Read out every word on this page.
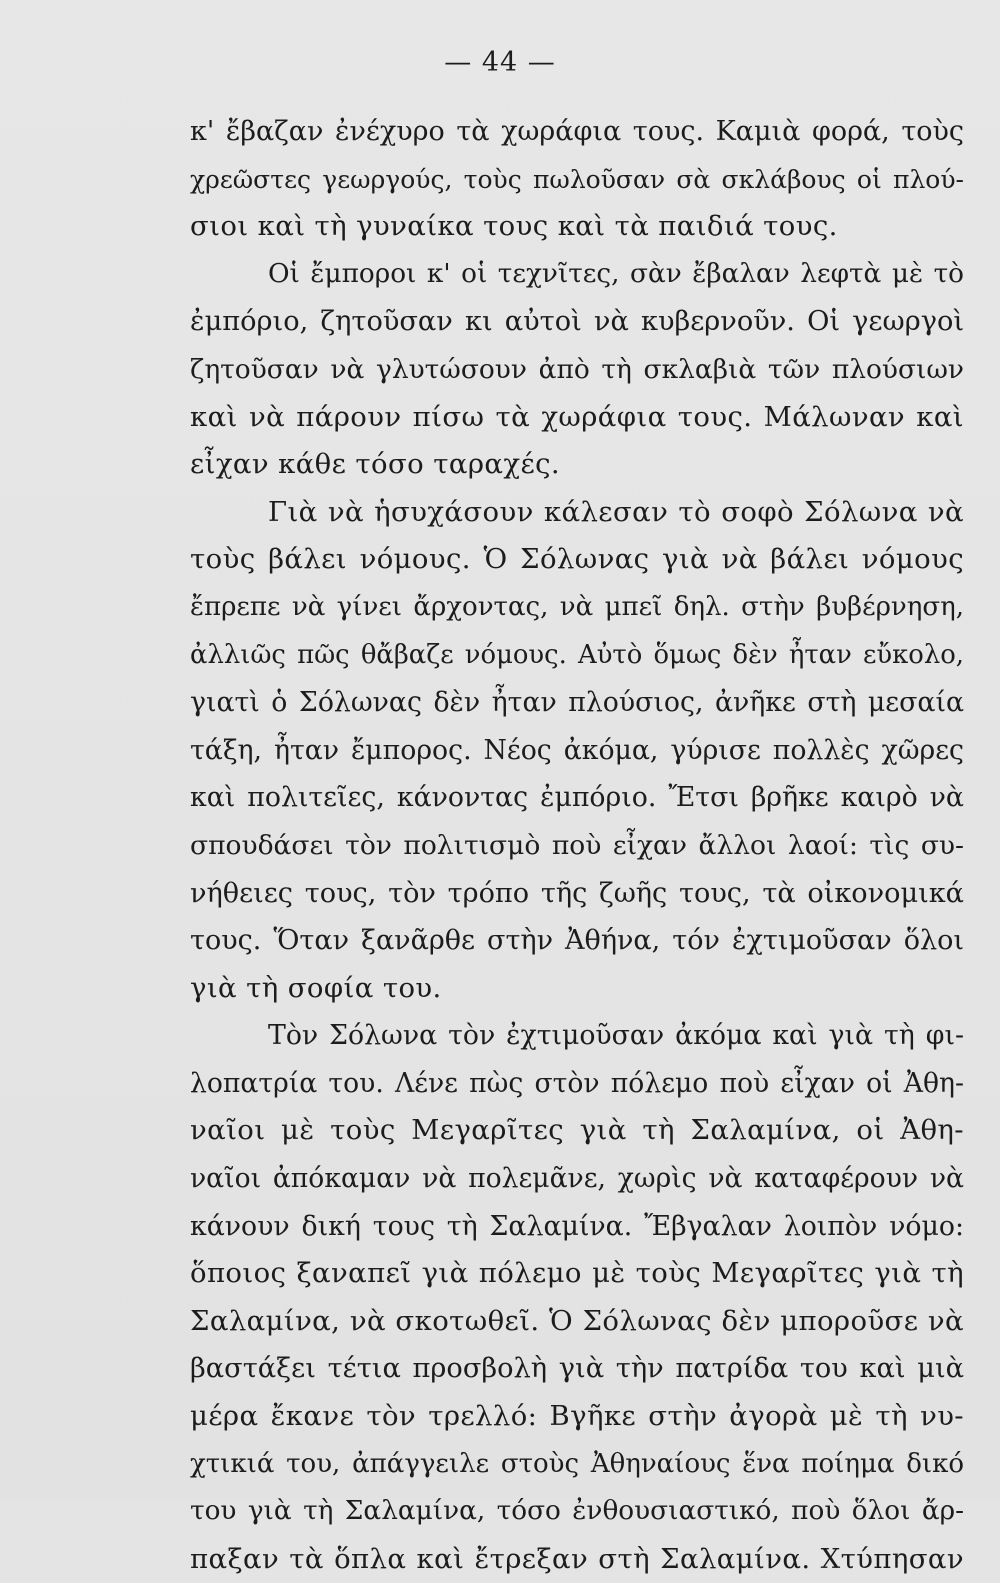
— 44 —
κ' ἔβαζαν ἐνέχυρο τὰ χωράφια τους. Καμιὰ φορά, τοὺς
χρεῶστες γεωργούς, τοὺς πωλοῦσαν σὰ σκλάβους οἱ πλού-
σιοι καὶ τὴ γυναίκα τους καὶ τὰ παιδιά τους.
Οἱ ἔμποροι κ' οἱ τεχνῖτες, σὰν ἔβαλαν λεφτὰ μὲ τὸ
ἐμπόριο, ζητοῦσαν κι αὐτοὶ νὰ κυβερνοῦν. Οἱ γεωργοὶ
ζητοῦσαν νὰ γλυτώσουν ἀπὸ τὴ σκλαβιὰ τῶν πλούσιων
καὶ νὰ πάρουν πίσω τὰ χωράφια τους. Μάλωναν καὶ
εἶχαν κάθε τόσο ταραχές.
Γιὰ νὰ ἡσυχάσουν κάλεσαν τὸ σοφὸ Σόλωνα νὰ
τοὺς βάλει νόμους. Ὁ Σόλωνας γιὰ νὰ βάλει νόμους
ἔπρεπε νὰ γίνει ἄρχοντας, νὰ μπεῖ δηλ. στὴν βυβέρνηση,
ἀλλιῶς πῶς θἄβαζε νόμους. Αὐτὸ ὅμως δὲν ἦταν εὔκολο,
γιατὶ ὁ Σόλωνας δὲν ἦταν πλούσιος, ἀνῆκε στὴ μεσαία
τάξη, ἦταν ἔμπορος. Νέος ἀκόμα, γύρισε πολλὲς χῶρες
καὶ πολιτεῖες, κάνοντας ἐμπόριο. Ἔτσι βρῆκε καιρὸ νὰ
σπουδάσει τὸν πολιτισμὸ ποὺ εἶχαν ἄλλοι λαοί: τὶς συ-
νήθειες τους, τὸν τρόπο τῆς ζωῆς τους, τὰ οἰκονομικά
τους. Ὅταν ξανᾶρθε στὴν Ἀθήνα, τόν ἐχτιμοῦσαν ὅλοι
γιὰ τὴ σοφία του.
Τὸν Σόλωνα τὸν ἐχτιμοῦσαν ἀκόμα καὶ γιὰ τὴ φι-
λοπατρία του. Λένε πὼς στὸν πόλεμο ποὺ εἶχαν οἱ Ἀθη-
ναῖοι μὲ τοὺς Μεγαρῖτες γιὰ τὴ Σαλαμίνα, οἱ Ἀθη-
ναῖοι ἀπόκαμαν νὰ πολεμᾶνε, χωρὶς νὰ καταφέρουν νὰ
κάνουν δική τους τὴ Σαλαμίνα. Ἔβγαλαν λοιπὸν νόμο:
ὅποιος ξαναπεῖ γιὰ πόλεμο μὲ τοὺς Μεγαρῖτες γιὰ τὴ
Σαλαμίνα, νὰ σκοτωθεῖ. Ὁ Σόλωνας δὲν μποροῦσε νὰ
βαστάξει τέτια προσβολὴ γιὰ τὴν πατρίδα του καὶ μιὰ
μέρα ἔκανε τὸν τρελλό: Βγῆκε στὴν ἀγορὰ μὲ τὴ νυ-
χτικιά του, ἀπάγγειλε στοὺς Ἀθηναίους ἕνα ποίημα δικό
του γιὰ τὴ Σαλαμίνα, τόσο ἐνθουσιαστικό, ποὺ ὅλοι ἄρ-
παξαν τὰ ὅπλα καὶ ἔτρεξαν στὴ Σαλαμίνα. Χτύπησαν
